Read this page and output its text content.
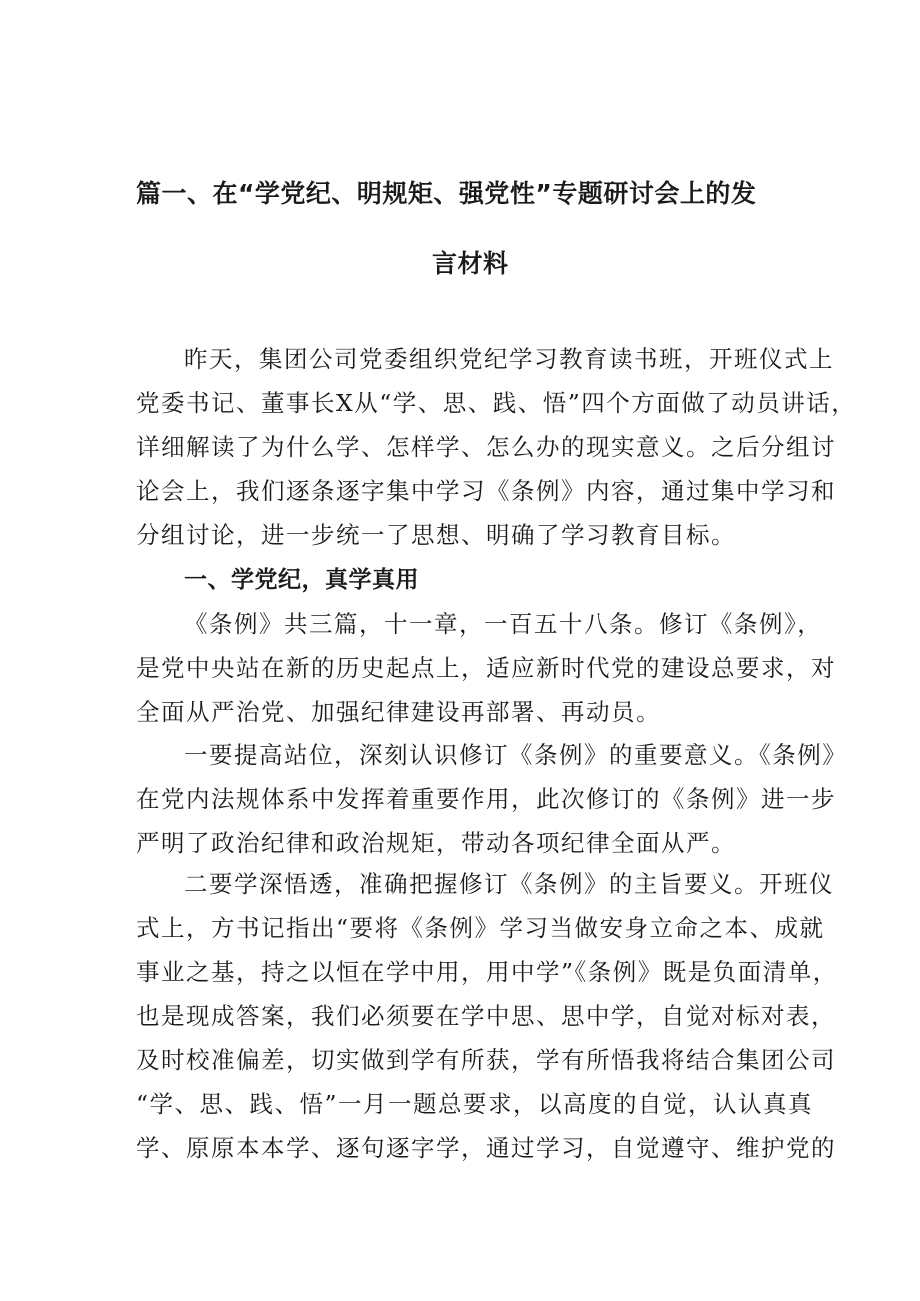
篇一、在“学党纪、明规矩、强党性”专题研讨会上的发
言材料
昨天，集团公司党委组织党纪学习教育读书班，开班仪式上
党委书记、董事长X从“学、思、践、悟”四个方面做了动员讲话，
详细解读了为什么学、怎样学、怎么办的现实意义。之后分组讨
论会上，我们逐条逐字集中学习《条例》内容，通过集中学习和
分组讨论，进一步统一了思想、明确了学习教育目标。
一、学党纪，真学真用
《条例》共三篇，十一章，一百五十八条。修订《条例》，
是党中央站在新的历史起点上，适应新时代党的建设总要求，对
全面从严治党、加强纪律建设再部署、再动员。
一要提高站位，深刻认识修订《条例》的重要意义。《条例》
在党内法规体系中发挥着重要作用，此次修订的《条例》进一步
严明了政治纪律和政治规矩，带动各项纪律全面从严。
二要学深悟透，准确把握修订《条例》的主旨要义。开班仪
式上，方书记指出“要将《条例》学习当做安身立命之本、成就
事业之基，持之以恒在学中用，用中学”《条例》既是负面清单，
也是现成答案，我们必须要在学中思、思中学，自觉对标对表，
及时校准偏差，切实做到学有所获，学有所悟我将结合集团公司
“学、思、践、悟”一月一题总要求，以高度的自觉，认认真真
学、原原本本学、逐句逐字学，通过学习，自觉遵守、维护党的
